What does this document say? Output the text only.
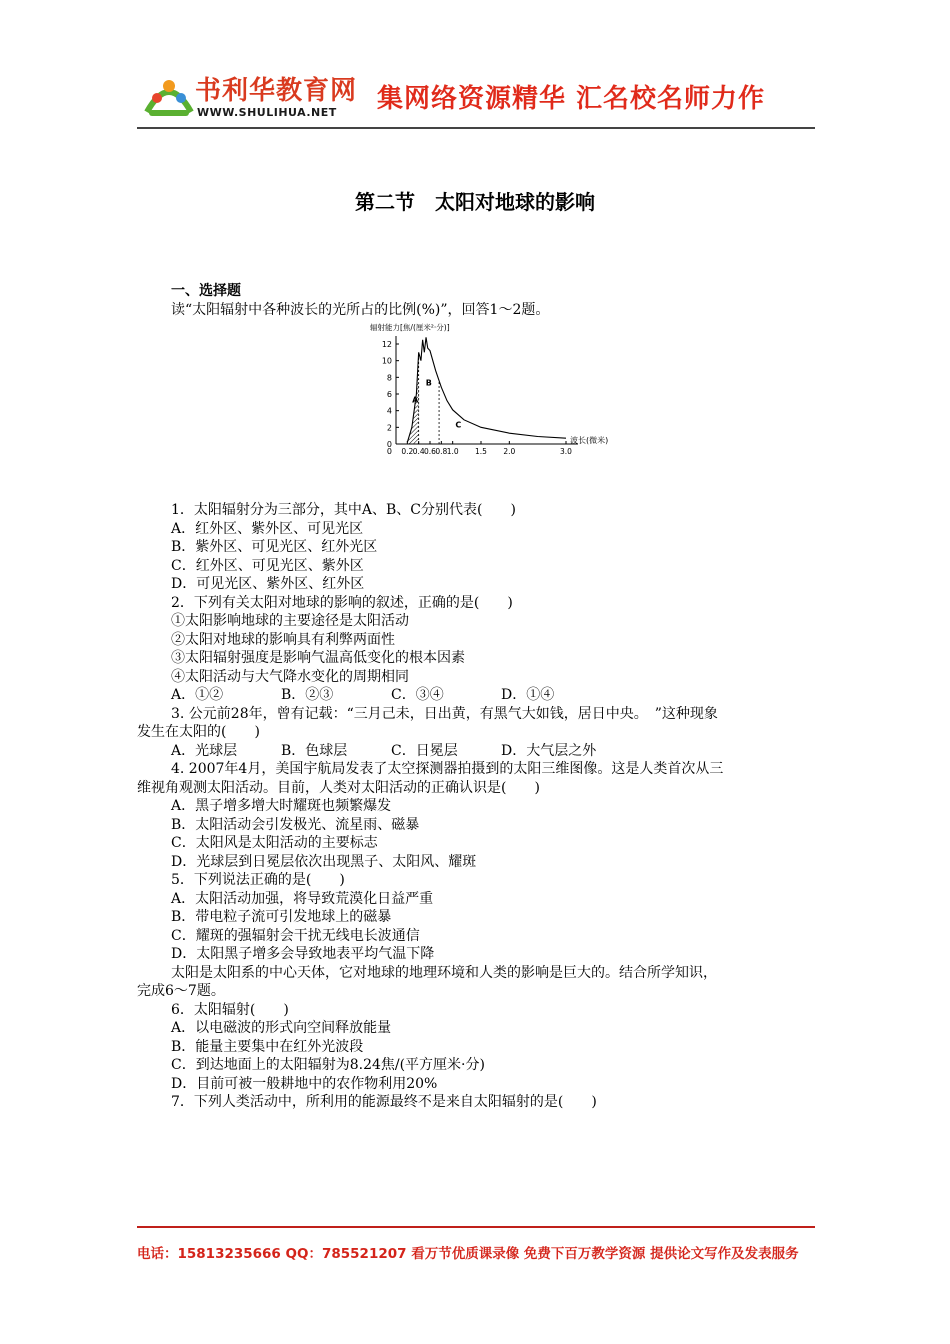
书利华教育网
WWW.SHULIHUA.NET 集网络资源精华 汇名校名师力作
第二节　太阳对地球的影响
一、选择题
读“太阳辐射中各种波长的光所占的比例(%)”，回答1～2题。
辐射能力[焦/(厘米²·分)]
波长(微米)
0
2
4
6
8
10
12
0.2 0.4 0.6 0.8 1.0 1.5 2.0	3.0
0
A
B
C
1．太阳辐射分为三部分，其中A、B、C分别代表(　　)
A．红外区、紫外区、可见光区
B．紫外区、可见光区、红外光区
C．红外区、可见光区、紫外区
D．可见光区、紫外区、红外区
2．下列有关太阳对地球的影响的叙述，正确的是(　　)
①太阳影响地球的主要途径是太阳活动
②太阳对地球的影响具有利弊两面性
③太阳辐射强度是影响气温高低变化的根本因素
④太阳活动与大气降水变化的周期相同
A．①②	B．②③	C．③④	D．①④
3. 公元前28年，曾有记载：“三月己未，日出黄，有黑气大如钱，居日中央。　”这种现象
发生在太阳的(　　)
A．光球层	B．色球层	C．日冕层	D．大气层之外
4. 2007年4月，美国宇航局发表了太空探测器拍摄到的太阳三维图像。这是人类首次从三
维视角观测太阳活动。目前，人类对太阳活动的正确认识是(　　)
A．黑子增多增大时耀斑也频繁爆发
B．太阳活动会引发极光、流星雨、磁暴
C．太阳风是太阳活动的主要标志
D．光球层到日冕层依次出现黑子、太阳风、耀斑
5．下列说法正确的是(　　)
A．太阳活动加强，将导致荒漠化日益严重
B．带电粒子流可引发地球上的磁暴
C．耀斑的强辐射会干扰无线电长波通信
D．太阳黑子增多会导致地表平均气温下降
太阳是太阳系的中心天体，它对地球的地理环境和人类的影响是巨大的。结合所学知识，
完成6～7题。
6．太阳辐射(　　)
A．以电磁波的形式向空间释放能量
B．能量主要集中在红外光波段
C．到达地面上的太阳辐射为8.24焦/(平方厘米·分)
D．目前可被一般耕地中的农作物利用20%
7．下列人类活动中，所利用的能源最终不是来自太阳辐射的是(　　)
电话：15813235666 QQ：785521207 看万节优质课录像 免费下百万教学资源 提供论文写作及发表服务
